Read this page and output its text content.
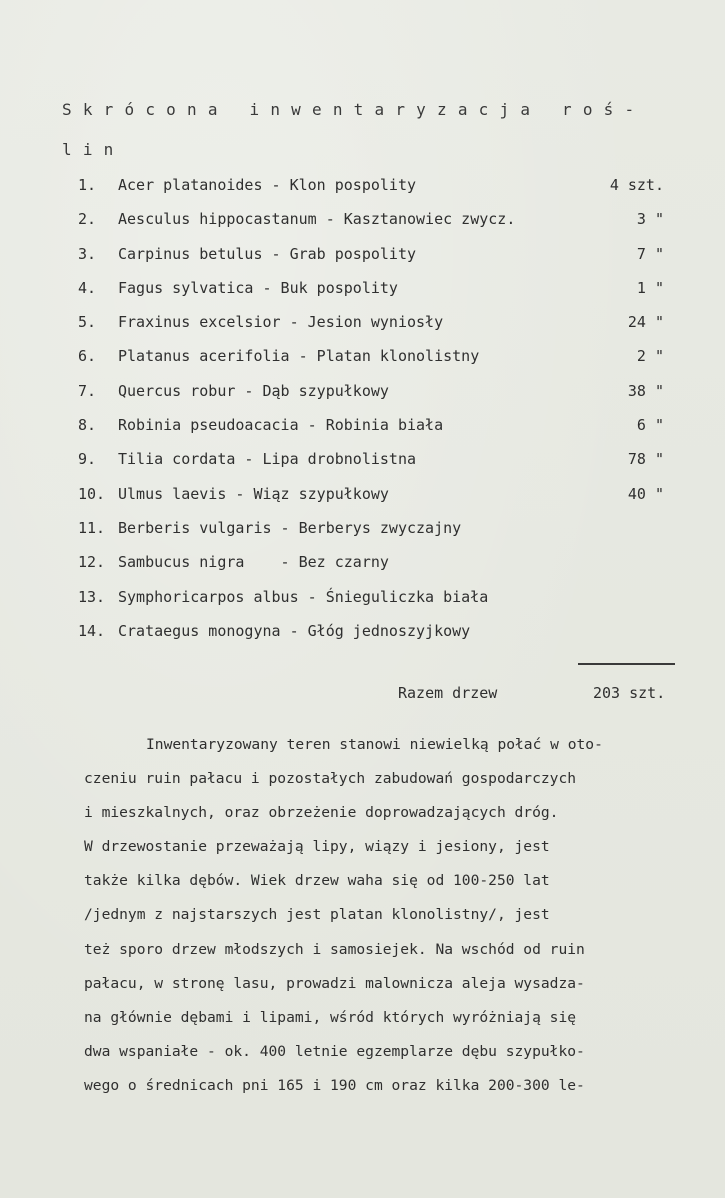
Skrócona inwentaryzacja roś-
lin
1. Acer platanoides - Klon pospolity	4 szt.
2. Aesculus hippocastanum - Kasztanowiec zwycz.	3 "
3. Carpinus betulus - Grab pospolity	7 "
4. Fagus sylvatica - Buk pospolity	1 "
5. Fraxinus excelsior - Jesion wyniosły	24 "
6. Platanus acerifolia - Platan klonolistny	2 "
7. Quercus robur - Dąb szypułkowy	38 "
8. Robinia pseudoacacia - Robinia biała	6 "
9. Tilia cordata - Lipa drobnolistna	78 "
10. Ulmus laevis - Wiąz szypułkowy	40 "
11. Berberis vulgaris - Berberys zwyczajny
12. Sambucus nigra    - Bez czarny
13. Symphoricarpos albus - Śnieguliczka biała
14. Crataegus monogyna - Głóg jednoszyjkowy
Razem drzew	203 szt.
Inwentaryzowany teren stanowi niewielką połać w oto-
czeniu ruin pałacu i pozostałych zabudowań gospodarczych
i mieszkalnych, oraz obrzeżenie doprowadzających dróg.
W drzewostanie przeważają lipy, wiązy i jesiony, jest
także kilka dębów. Wiek drzew waha się od 100-250 lat
/jednym z najstarszych jest platan klonolistny/, jest
też sporo drzew młodszych i samosiejek. Na wschód od ruin
pałacu, w stronę lasu, prowadzi malownicza aleja wysadza-
na głównie dębami i lipami, wśród których wyróżniają się
dwa wspaniałe - ok. 400 letnie egzemplarze dębu szypułko-
wego o średnicach pni 165 i 190 cm oraz kilka 200-300 le-
